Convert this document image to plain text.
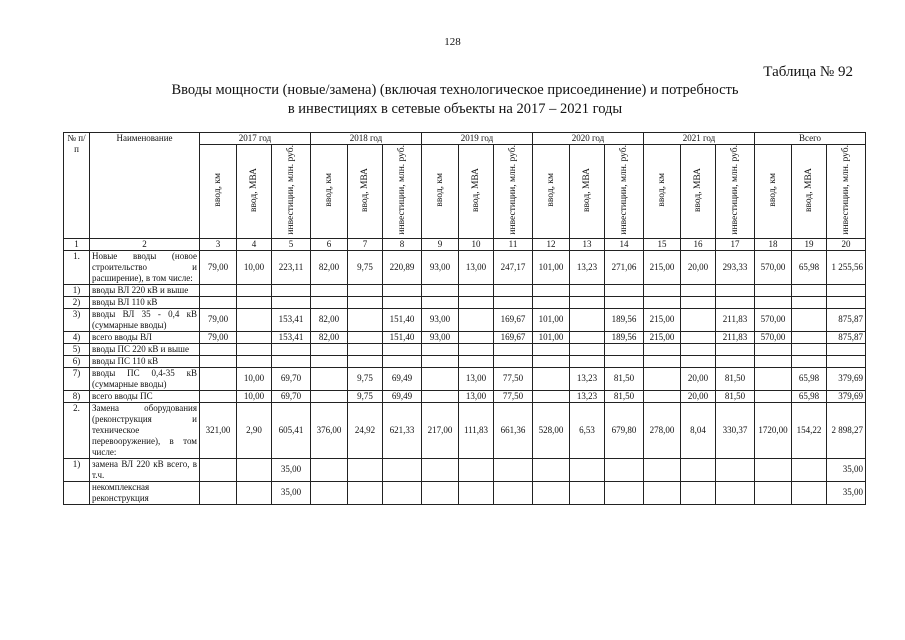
128
Таблица № 92
Вводы мощности (новые/замена) (включая технологическое присоединение) и потребность
в инвестициях в сетевые объекты на 2017 – 2021 годы
№ п/п	Наименование	2017 год			2018 год			2019 год			2020 год			2021 год			Всего		
		ввод, км	ввод, МВА	инвестиции, млн. руб.	ввод, км	ввод, МВА	инвестиции, млн. руб.	ввод, км	ввод, МВА	инвестиции, млн. руб.	ввод, км	ввод, МВА	инвестиции, млн. руб.	ввод, км	ввод, МВА	инвестиции, млн. руб.	ввод, км	ввод, МВА	инвестиции, млн. руб.
1	2	3	4	5	6	7	8	9	10	11	12	13	14	15	16	17	18	19	20
1.	Новые вводы (новое строительство и расширение), в том числе:	79,00	10,00	223,11	82,00	9,75	220,89	93,00	13,00	247,17	101,00	13,23	271,06	215,00	20,00	293,33	570,00	65,98	1 255,56
1)	вводы ВЛ 220 кВ и выше																		
2)	вводы ВЛ 110 кВ																		
3)	вводы ВЛ 35 - 0,4 кВ (суммарные вводы)	79,00		153,41	82,00		151,40	93,00		169,67	101,00		189,56	215,00		211,83	570,00		875,87
4)	всего вводы ВЛ	79,00		153,41	82,00		151,40	93,00		169,67	101,00		189,56	215,00		211,83	570,00		875,87
5)	вводы ПС 220 кВ и выше																		
6)	вводы ПС 110 кВ																		
7)	вводы ПС 0,4-35 кВ (суммарные вводы)		10,00	69,70		9,75	69,49		13,00	77,50		13,23	81,50		20,00	81,50		65,98	379,69
8)	всего вводы ПС		10,00	69,70		9,75	69,49		13,00	77,50		13,23	81,50		20,00	81,50		65,98	379,69
2.	Замена оборудования (реконструкция и техническое перевооружение), в том числе:	321,00	2,90	605,41	376,00	24,92	621,33	217,00	111,83	661,36	528,00	6,53	679,80	278,00	8,04	330,37	1720,00	154,22	2 898,27
1)	замена ВЛ 220 кВ всего, в т.ч.			35,00															35,00
	некомплексная реконструкция			35,00															35,00
